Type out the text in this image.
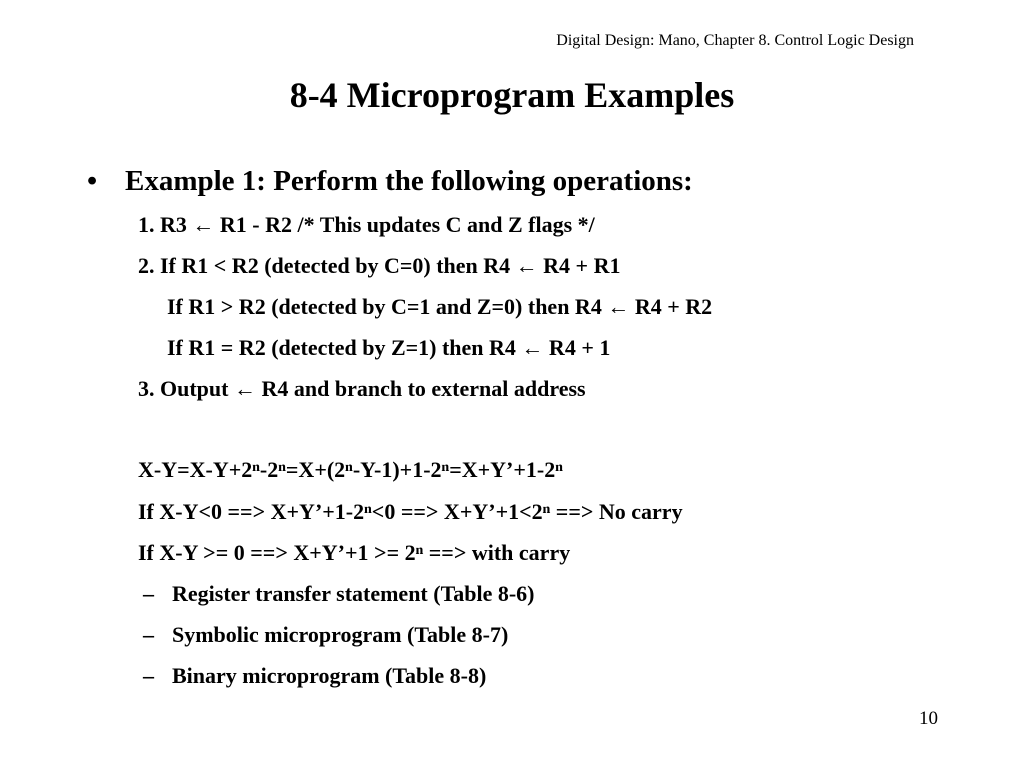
Digital Design: Mano, Chapter 8. Control Logic Design
8-4 Microprogram Examples
• Example 1: Perform the following operations:
1. R3 ← R1 - R2 /* This updates C and Z flags */
2. If R1 < R2 (detected by C=0) then R4 ← R4 + R1
If R1 > R2 (detected by C=1 and Z=0) then R4 ← R4 + R2
If R1 = R2 (detected by Z=1) then R4 ← R4 + 1
3. Output ← R4 and branch to external address
X-Y=X-Y+2ⁿ-2ⁿ=X+(2ⁿ-Y-1)+1-2ⁿ=X+Y’+1-2ⁿ
If X-Y<0 ==> X+Y’+1-2ⁿ<0 ==> X+Y’+1<2ⁿ ==> No carry
If X-Y >= 0 ==> X+Y’+1 >= 2ⁿ ==> with carry
– Register transfer statement (Table 8-6)
– Symbolic microprogram (Table 8-7)
– Binary microprogram (Table 8-8)
10
